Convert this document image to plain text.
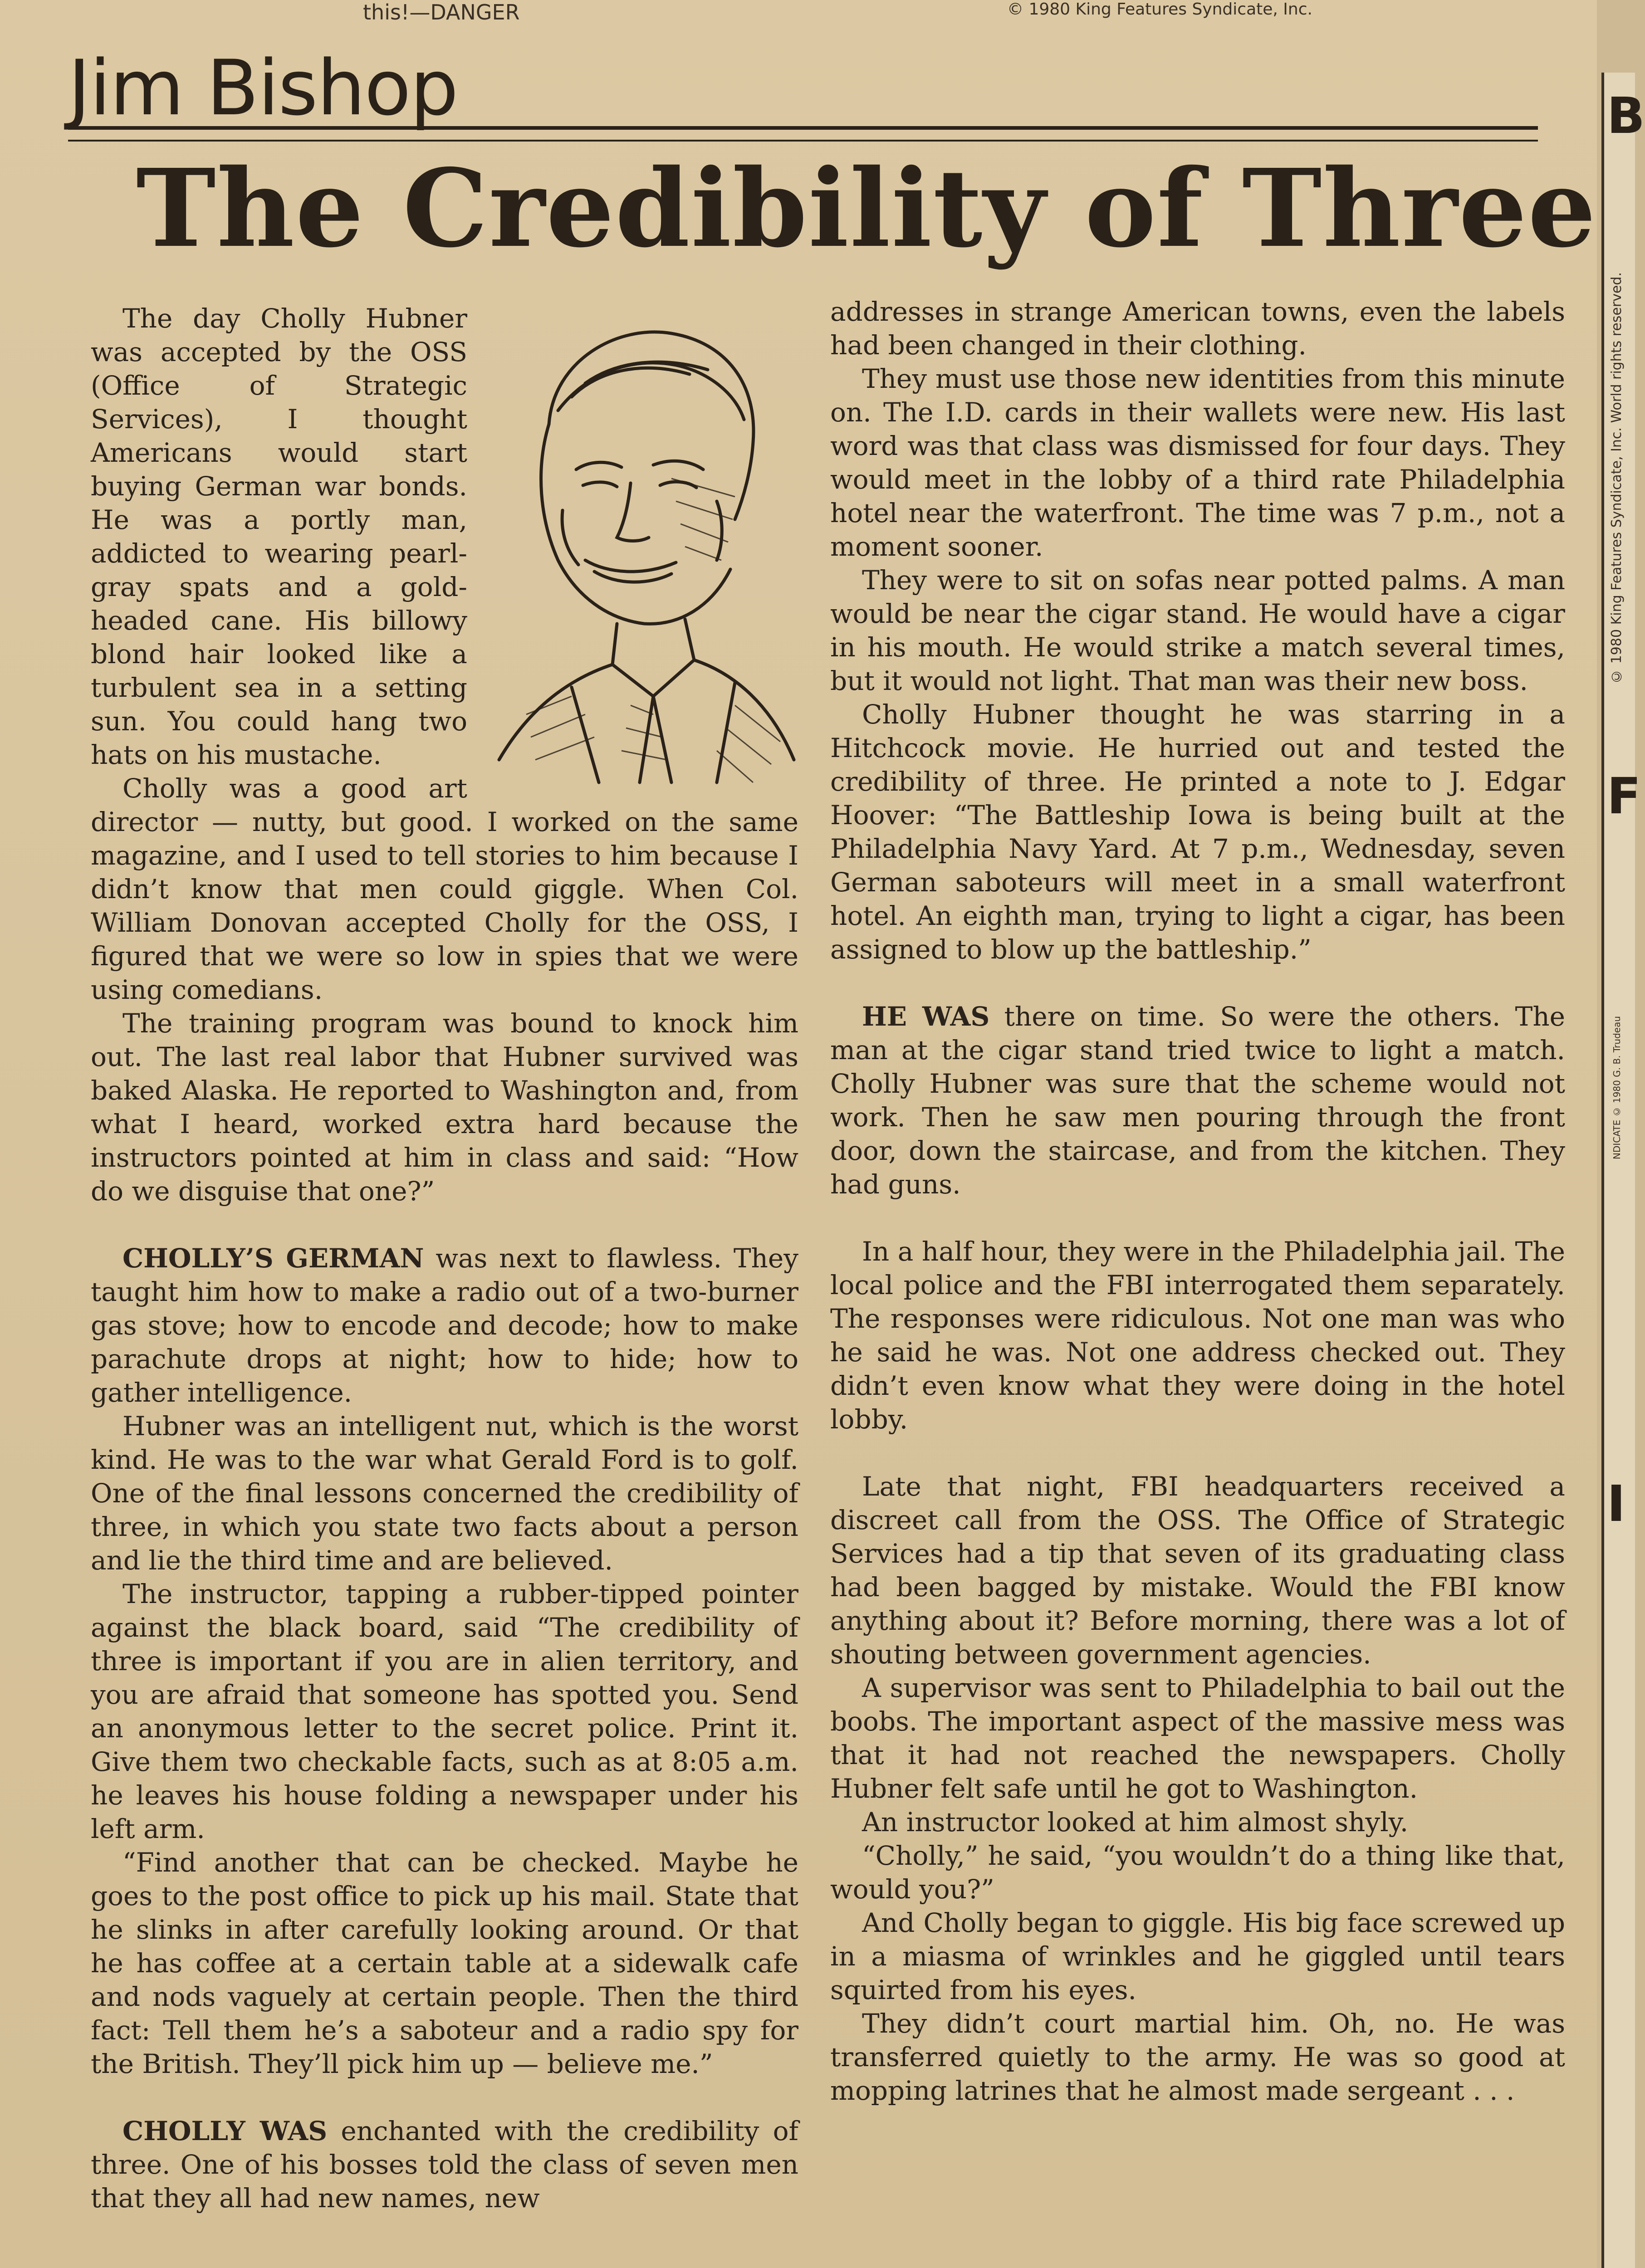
this!—DANGER	© 1980 King Features Syndicate, Inc.
Jim Bishop
The Credibility of Three

The day Cholly Hubner was accepted by the OSS (Office of Strategic Services), I thought Americans would start buying German war bonds. He was a portly man, addicted to wearing pearl-gray spats and a gold-headed cane. His billowy blond hair looked like a turbulent sea in a setting sun. You could hang two hats on his mustache.

Cholly was a good art director — nutty, but good. I worked on the same magazine, and I used to tell stories to him because I didn’t know that men could giggle. When Col. William Donovan accepted Cholly for the OSS, I figured that we were so low in spies that we were using comedians.

The training program was bound to knock him out. The last real labor that Hubner survived was baked Alaska. He reported to Washington and, from what I heard, worked extra hard because the instructors pointed at him in class and said: “How do we disguise that one?”

CHOLLY’S GERMAN was next to flawless. They taught him how to make a radio out of a two-burner gas stove; how to encode and decode; how to make parachute drops at night; how to hide; how to gather intelligence.

Hubner was an intelligent nut, which is the worst kind. He was to the war what Gerald Ford is to golf. One of the final lessons concerned the credibility of three, in which you state two facts about a person and lie the third time and are believed.

The instructor, tapping a rubber-tipped pointer against the black board, said “The credibility of three is important if you are in alien territory, and you are afraid that someone has spotted you. Send an anonymous letter to the secret police. Print it. Give them two checkable facts, such as at 8:05 a.m. he leaves his house folding a newspaper under his left arm.

“Find another that can be checked. Maybe he goes to the post office to pick up his mail. State that he slinks in after carefully looking around. Or that he has coffee at a certain table at a sidewalk cafe and nods vaguely at certain people. Then the third fact: Tell them he’s a saboteur and a radio spy for the British. They’ll pick him up — believe me.”

CHOLLY WAS enchanted with the credibility of three. One of his bosses told the class of seven men that they all had new names, new

addresses in strange American towns, even the labels had been changed in their clothing.

They must use those new identities from this minute on. The I.D. cards in their wallets were new. His last word was that class was dismissed for four days. They would meet in the lobby of a third rate Philadelphia hotel near the waterfront. The time was 7 p.m., not a moment sooner.

They were to sit on sofas near potted palms. A man would be near the cigar stand. He would have a cigar in his mouth. He would strike a match several times, but it would not light. That man was their new boss.

Cholly Hubner thought he was starring in a Hitchcock movie. He hurried out and tested the credibility of three. He printed a note to J. Edgar Hoover: “The Battleship Iowa is being built at the Philadelphia Navy Yard. At 7 p.m., Wednesday, seven German saboteurs will meet in a small waterfront hotel. An eighth man, trying to light a cigar, has been assigned to blow up the battleship.”

HE WAS there on time. So were the others. The man at the cigar stand tried twice to light a match. Cholly Hubner was sure that the scheme would not work. Then he saw men pouring through the front door, down the staircase, and from the kitchen. They had guns.

In a half hour, they were in the Philadelphia jail. The local police and the FBI interrogated them separately. The responses were ridiculous. Not one man was who he said he was. Not one address checked out. They didn’t even know what they were doing in the hotel lobby.

Late that night, FBI headquarters received a discreet call from the OSS. The Office of Strategic Services had a tip that seven of its graduating class had been bagged by mistake. Would the FBI know anything about it? Before morning, there was a lot of shouting between government agencies.

A supervisor was sent to Philadelphia to bail out the boobs. The important aspect of the massive mess was that it had not reached the newspapers. Cholly Hubner felt safe until he got to Washington.

An instructor looked at him almost shyly.

“Cholly,” he said, “you wouldn’t do a thing like that, would you?”

And Cholly began to giggle. His big face screwed up in a miasma of wrinkles and he giggled until tears squirted from his eyes.

They didn’t court martial him. Oh, no. He was transferred quietly to the army. He was so good at mopping latrines that he almost made sergeant . . .

B
© 1980 King Features Syndicate, Inc. World rights reserved.
F
NDICATE © 1980 G. B. Trudeau
I
